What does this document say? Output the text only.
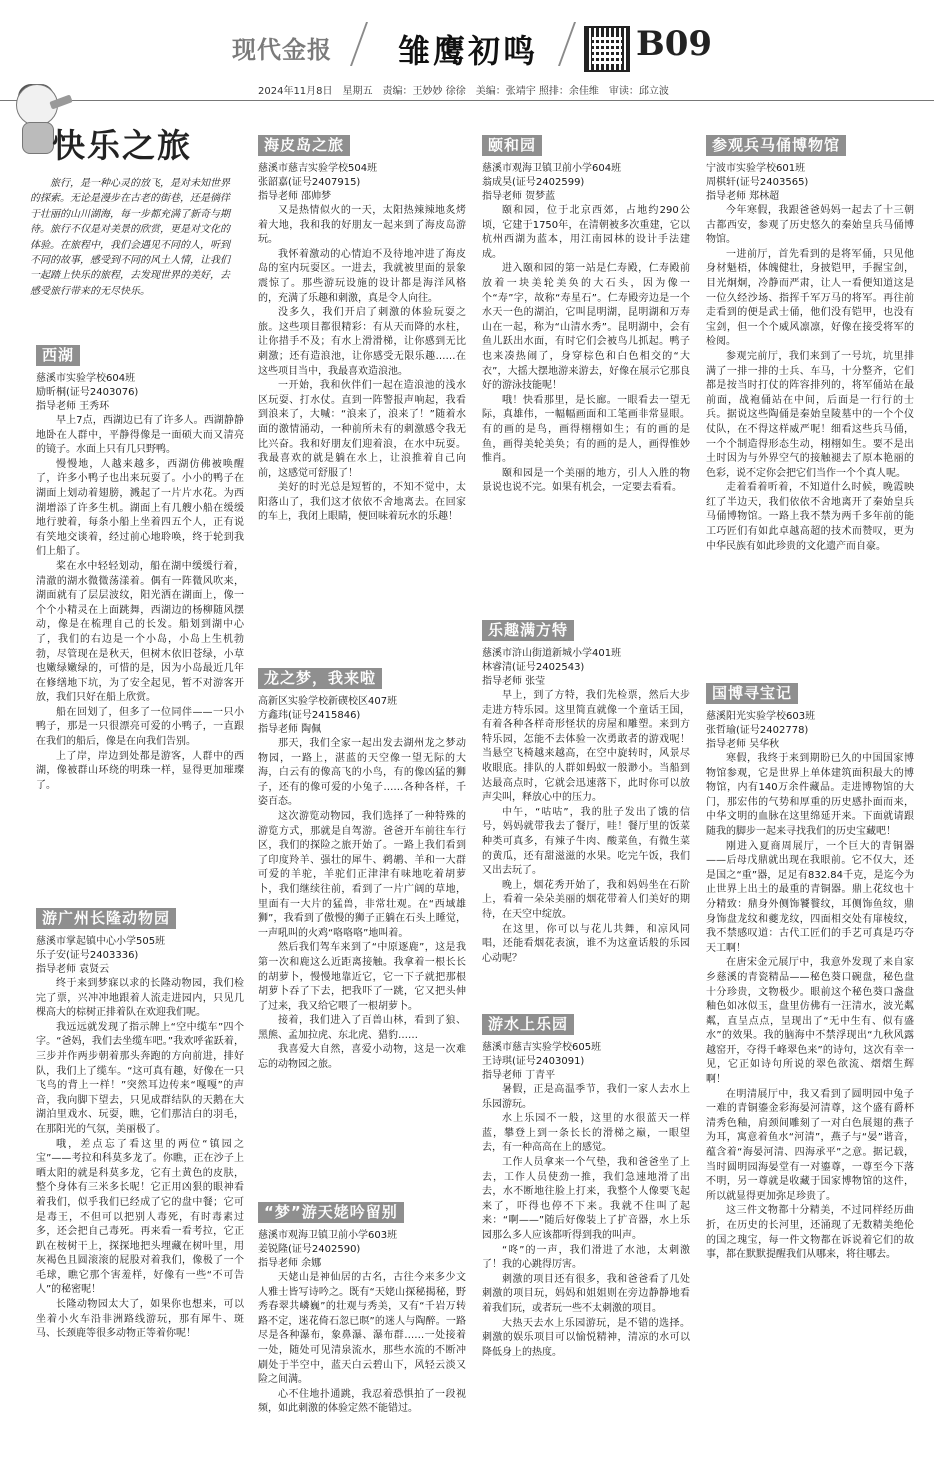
现代金报 雏鹰初鸣	B09
2024年11月8日　星期五　责编：王妙妙 徐徐　美编：张靖宇 照排：余佳维　审读：邱立波
快乐之旅

旅行，是一种心灵的放飞，是对未知世界的探索。无论是漫步在古老的街巷，还是徜徉于壮丽的山川湖海，每一步都充满了新奇与期待。旅行不仅是对美景的欣赏，更是对文化的体验。在旅程中，我们会遇见不同的人，听到不同的故事，感受到不同的风土人情，让我们一起踏上快乐的旅程，去发现世界的美好，去感受旅行带来的无尽快乐。

西湖

慈溪市实验学校604班

励昕桐(证号2403076)

指导老师 王秀环

早上7点，西湖边已有了许多人。西湖静静地卧在人群中，平静得像是一面硕大而又清亮的镜子。水面上只有几只野鸭。

慢慢地，人越来越多，西湖仿佛被唤醒了，许多小鸭子也出来玩耍了。小小的鸭子在湖面上划动着翅膀，溅起了一片片水花。为西湖增添了许多生机。湖面上有几艘小船在缓缓地行驶着，每条小船上坐着四五个人，正有说有笑地交谈着，经过前心地聆唤，终于轮到我们上船了。

桨在水中轻轻划动，船在湖中缓缓行着，清澈的湖水微微荡漾着。偶有一阵微风吹来，湖面就有了层层波纹，阳光洒在湖面上，像一个个小精灵在上面跳舞，西湖边的杨柳随风摆动，像是在梳理自己的长发。船划到湖中心了，我们的右边是一个小岛，小岛上生机勃勃，尽管现在是秋天，但树木依旧苍绿，小草也嫩绿嫩绿的，可惜的是，因为小岛最近几年在修缮地下坑，为了安全起见，暂不对游客开放，我们只好在船上欣赏。

船在回划了，但多了一位同伴——一只小鸭子，那是一只很漂亮可爱的小鸭子，一直跟在我们的船后，像是在向我们告别。

上了岸，岸边到处都是游客，人群中的西湖，像被群山环绕的明珠一样，显得更加璀璨了。

游广州长隆动物园

慈溪市掌起镇中心小学505班

乐子安(证号2403336)

指导老师 袁贤云

终于来到梦寐以求的长隆动物园，我们检完了票，兴冲冲地跟着人流走进园内，只见几棵高大的棕树正排着队在欢迎我们呢。

我远远就发现了指示牌上“空中缆车”四个字。“爸妈，我们去坐缆车吧。”我欢呼雀跃着，三步并作两步朝着那头奔跑的方向前进，排好队，我们上了缆车。“这可真有趣，好像在一只飞鸟的背上一样！”突然耳边传来“嘎嘎”的声音，我向脚下望去，只见成群结队的天鹅在大湖泊里戏水、玩耍，瞧，它们那洁白的羽毛，在那阳光的气氛，美丽极了。

哦，差点忘了看这里的两位“镇园之宝”——考拉和科莫多龙了。你瞧，正在沙子上晒太阳的就是科莫多龙，它有土黄色的皮肤，整个身体有三米多长呢！它正用凶狠的眼神看着我们，似乎我们已经成了它的盘中餐；它可是毒王，不但可以把别人毒死，有时毒素过多，还会把自己毒死。再来看一看考拉，它正趴在桉树干上，探探地把头埋藏在树叶里，用灰褐色且圆滚滚的屁股对着我们，像极了一个毛球，瞧它那个害羞样，好像有一些“不可告人”的秘密呢！

长隆动物园太大了，如果你也想来，可以坐着小火车沿非洲路线游玩，那有犀牛、斑马、长颈鹿等很多动物正等着你呢！

海皮岛之旅

慈溪市慈吉实验学校504班

张韶嘉(证号2407915)

指导老师 邵帅梦

又是热情似火的一天，太阳热辣辣地炙烤着大地，我和我的好朋友一起来到了海皮岛游玩。

我怀着激动的心情迫不及待地冲进了海皮岛的室内玩耍区。一进去，我就被里面的景象震惊了。那些游玩设施的设计都是海洋风格的，充满了乐趣和刺激，真是令人向往。

没多久，我们开启了刺激的体验玩耍之旅。这些项目都很精彩：有从天而降的水柱，让你措手不及；有水上滑滑梯，让你感到无比刺激；还有造浪池，让你感受无限乐趣……在这些项目当中，我最喜欢造浪池。

一开始，我和伙伴们一起在造浪池的浅水区玩耍、打水仗。直到一阵警报声响起，我看到浪来了，大喊：“浪来了，浪来了！”随着水面的激情涌动，一种前所未有的刺激感令我无比兴奋。我和好朋友们迎着浪，在水中玩耍。我最喜欢的就是躺在水上，让浪推着自己向前，这感觉可舒服了！

美好的时光总是短暂的，不知不觉中，太阳落山了，我们这才依依不舍地离去。在回家的车上，我闭上眼睛，便回味着玩水的乐趣！

龙之梦，我来啦

高新区实验学校新碶校区407班

方鑫玮(证号2415846)

指导老师 陶佩

那天，我们全家一起出发去湖州龙之梦动物园，一路上，湛蓝的天空像一望无际的大海，白云有的像高飞的小鸟，有的像凶猛的狮子，还有的像可爱的小兔子……各种各样，千姿百态。

这次游览动物园，我们选择了一种特殊的游览方式，那就是自驾游。爸爸开车前往车行区，我们的探险之旅开始了。一路上我们看到了印度羚羊、强壮的犀牛、鹈鹕、羊和一大群可爱的羊驼，羊驼们正津津有味地吃着胡萝卜，我们继续往前，看到了一片广阔的草地，里面有一大片的猛兽，非常壮观。在“西域雄狮”，我看到了傲慢的狮子正躺在石头上睡觉，一声吼叫的火鸡“咯咯咯”地叫着。

然后我们驾车来到了“中原逐鹿”，这是我第一次和鹿这么近距离接触。我拿着一根长长的胡萝卜，慢慢地靠近它，它一下子就把那根胡萝卜吞了下去，把我吓了一跳，它又把头伸了过来，我又给它喂了一根胡萝卜。

接着，我们进入了百兽山林，看到了狼、黑熊、孟加拉虎、东北虎、猎豹……

我喜爱大自然，喜爱小动物，这是一次难忘的动物园之旅。

“梦”游天姥吟留别

慈溪市观海卫镇卫前小学603班

姜锐隆(证号2402590)

指导老师 余娜

天姥山是神仙居的古名，古往今来多少文人雅士皆写诗吟之。既有“天姥山探秘揭秘，野秀春翠共嶙巍”的壮观与秀美，又有“千岩万转路不定，迷花倚石忽已暝”的迷人与陶醉。一路尽是各种瀑布，象鼻瀑、瀑布群……一处接着一处，随处可见清泉流水，那些水流的不断冲刷处于半空中，蓝天白云碧山下，风轻云淡又险之间满。

心不住地扑通跳，我忍着恐惧拍了一段视频，如此刺激的体验定然不能错过。

颐和园

慈溪市观海卫镇卫前小学604班

翁成昊(证号2402599)

指导老师 贺梦蓝

颐和园，位于北京西郊，占地约290公顷，它建于1750年，在清朝被多次重建，它以杭州西湖为蓝本，用江南园林的设计手法建成。

进入颐和园的第一站是仁寿殿，仁寿殿前放着一块美轮美奂的大石头，因为像一个“寿”字，故称“寿星石”。仁寿殿旁边是一个水天一色的湖泊，它叫昆明湖，昆明湖和万寿山在一起，称为“山清水秀”。昆明湖中，会有鱼儿跃出水面，有时它们会被鸟儿抓起。鸭子也来凑热闹了，身穿棕色和白色相交的“大衣”，大摇大摆地游来游去，好像在展示它那良好的游泳技能呢！

哦！快看那里，是长廊。一眼看去一望无际，真雄伟，一幅幅画面和工笔画非常显眼。有的画的是鸟，画得栩栩如生；有的画的是鱼，画得美轮美奂；有的画的是人，画得惟妙惟肖。

颐和园是一个美丽的地方，引人入胜的物景说也说不完。如果有机会，一定要去看看。

乐趣满方特

慈溪市浒山街道新城小学401班

林睿清(证号2402543)

指导老师 张莹

早上，到了方特，我们先检票，然后大步走进方特乐园。这里简直就像一个童话王国，有着各种各样奇形怪状的房屋和雕塑。来到方特乐园，怎能不去体验一次勇敢者的游戏呢！当悬空飞椅越来越高，在空中旋转时，风景尽收眼底。排队的人群如蚂蚁一般渺小。当船到达最高点时，它就会迅速落下，此时你可以放声尖叫，释放心中的压力。

中午，“咕咕”，我的肚子发出了饿的信号，妈妈就带我去了餐厅，哇！餐厅里的饭菜种类可真多，有辣子牛肉、酸菜鱼，有微生菜的黄瓜，还有甜滋滋的水果。吃完午饭，我们又出去玩了。

晚上，烟花秀开始了，我和妈妈坐在石阶上，看着一朵朵美丽的烟花带着人们美好的期待，在天空中绽放。

在这里，你可以与花儿共舞，和凉风同唱，还能看烟花表演，谁不为这童话般的乐园心动呢？

游水上乐园

慈溪市慈吉实验学校605班

王诗琪(证号2403091)

指导老师 丁青平

暑假，正是高温季节，我们一家人去水上乐园游玩。

水上乐园不一般，这里的水很蓝天一样蓝，攀登上到一条长长的滑梯之巅，一眼望去，有一种高高在上的感觉。

工作人员拿来一个气垫，我和爸爸坐了上去，工作人员使劲一推，我们急速地滑了出去，水不断地往脸上打来，我整个人像要飞起来了，吓得也停不下来。我就不住叫了起来：“啊——”随后好像装上了扩音器，水上乐园那么多人应该都听得到我的叫声。

“咚”的一声，我们滑进了水池，太刺激了！我的心跳得厉害。

刺激的项目还有很多，我和爸爸看了几处刺激的项目玩，妈妈和姐姐则在旁边静静地看着我们玩，或者玩一些不太刺激的项目。

大热天去水上乐园游玩，是不错的选择。刺激的娱乐项目可以愉悦精神，清凉的水可以降低身上的热度。

参观兵马俑博物馆

宁波市实验学校601班

周棋轩(证号2403565)

指导老师 郑林超

今年寒假，我跟爸爸妈妈一起去了十三朝古都西安，参观了历史悠久的秦始皇兵马俑博物馆。

一进前厅，首先看到的是将军俑，只见他身材魁梧，体魄健壮，身披铠甲，手握宝剑，目光炯炯，冷静而严肃，让人一看便知道这是一位久经沙场、指挥千军万马的将军。再往前走看到的便是武士俑，他们没有铠甲，也没有宝剑，但一个个威风凛凛，好像在接受将军的检阅。

参观完前厅，我们来到了一号坑，坑里排满了一排一排的士兵、车马，十分整齐，它们都是按当时打仗的阵容排列的，将军俑站在最前面，战袍俑站在中间，后面是一行行的士兵。据说这些陶俑是秦始皇陵墓中的一个个仪仗队，在不得这样威严呢！细看这些兵马俑，一个个制造得形态生动，栩栩如生。要不是出土时因为与外界空气的接触褪去了原本艳丽的色彩，说不定你会把它们当作一个个真人呢。

走着看着听着，不知道什么时候，晚霞映红了半边天，我们依依不舍地离开了秦始皇兵马俑博物馆。一路上我不禁为两千多年前的能工巧匠们有如此卓越高超的技术而赞叹，更为中华民族有如此珍贵的文化遗产而自豪。

国博寻宝记

慈溪阳光实验学校603班

张哲瑜(证号2402778)

指导老师 吴华秋

寒假，我终于来到期盼已久的中国国家博物馆参观，它是世界上单体建筑面积最大的博物馆，内有140万余件藏品。走进博物馆的大门，那宏伟的气势和厚重的历史感扑面而来，中华文明的血脉在这里绵延开来。下面就请跟随我的脚步一起来寻找我们的历史宝藏吧！

刚进入夏商周展厅，一个巨大的青铜器——后母戊鼎就出现在我眼前。它不仅大，还是国之“重”器，足足有832.84千克，是迄今为止世界上出土的最重的青铜器。鼎上花纹也十分精致：鼎身外侧饰饕餮纹，耳侧饰鱼纹，鼎身饰盘龙纹和夔龙纹，四面相交处有扉棱纹，我不禁感叹道：古代工匠们的手艺可真是巧夺天工啊！

在唐宋金元展厅中，我意外发现了来自家乡慈溪的青瓷精品——秘色葵口碗盘，秘色盘十分珍贵，文物极少。眼前这个秘色葵口盏盘釉色如冰似玉，盘里仿佛有一汪清水，波光粼粼，直呈点点，呈现出了“无中生有、似有盛水”的效果。我的脑海中不禁浮现出“九秋风露越窑开，夺得千峰翠色来”的诗句，这次有幸一见，它正如诗句所说的翠色欲流、熠熠生辉啊！

在明清展厅中，我又看到了圆明园中兔子一难的青铜鎏金彩海晏河清尊，这个盛有爵杯清秀色釉，肩颈间雕刻了一对白色展翅的燕子为耳，寓意着鱼水“河清”，燕子与“晏”谐音，蕴含着“海晏河清、四海承平”之意。据记载，当时圆明园海晏堂有一对鎏尊，一尊至今下落不明，另一尊就是收藏于国家博物馆的这件，所以就显得更加弥足珍贵了。

这三件文物都十分精美，不过同样经历曲折，在历史的长河里，还涌现了无数精美绝伦的国之瑰宝，每一件文物都在诉说着它们的故事，都在默默提醒我们从哪来，将往哪去。
